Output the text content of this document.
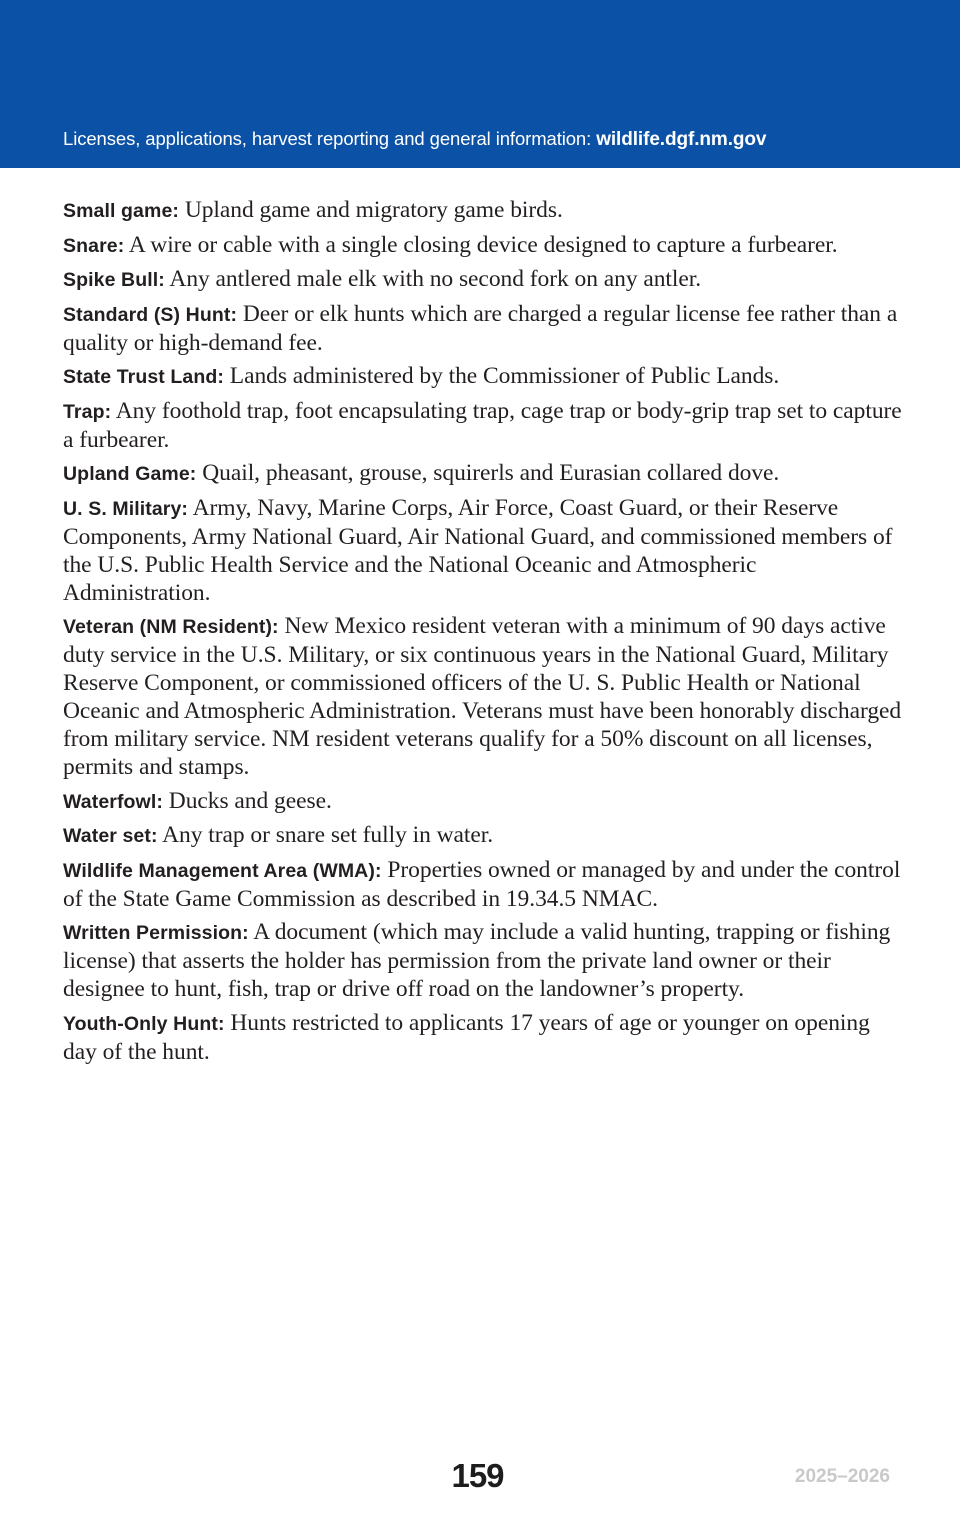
Licenses, applications, harvest reporting and general information: wildlife.dgf.nm.gov

Small game: Upland game and migratory game birds.

Snare: A wire or cable with a single closing device designed to capture a furbearer.

Spike Bull: Any antlered male elk with no second fork on any antler.

Standard (S) Hunt: Deer or elk hunts which are charged a regular license fee rather than a quality or high-demand fee.

State Trust Land: Lands administered by the Commissioner of Public Lands.

Trap: Any foothold trap, foot encapsulating trap, cage trap or body-grip trap set to capture a furbearer.

Upland Game: Quail, pheasant, grouse, squirerls and Eurasian collared dove.

U. S. Military: Army, Navy, Marine Corps, Air Force, Coast Guard, or their Reserve Components, Army National Guard, Air National Guard, and commissioned members of the U.S. Public Health Service and the National Oceanic and Atmospheric Administration.

Veteran (NM Resident): New Mexico resident veteran with a minimum of 90 days active duty service in the U.S. Military, or six continuous years in the National Guard, Military Reserve Component, or commissioned officers of the U. S. Public Health or National Oceanic and Atmospheric Administration. Veterans must have been honorably discharged from military service. NM resident veterans qualify for a 50% discount on all licenses, permits and stamps.

Waterfowl: Ducks and geese.

Water set: Any trap or snare set fully in water.

Wildlife Management Area (WMA): Properties owned or managed by and under the control of the State Game Commission as described in 19.34.5 NMAC.

Written Permission: A document (which may include a valid hunting, trapping or fishing license) that asserts the holder has permission from the private land owner or their designee to hunt, fish, trap or drive off road on the landowner’s property.

Youth-Only Hunt: Hunts restricted to applicants 17 years of age or younger on opening day of the hunt.

159	2025–2026
